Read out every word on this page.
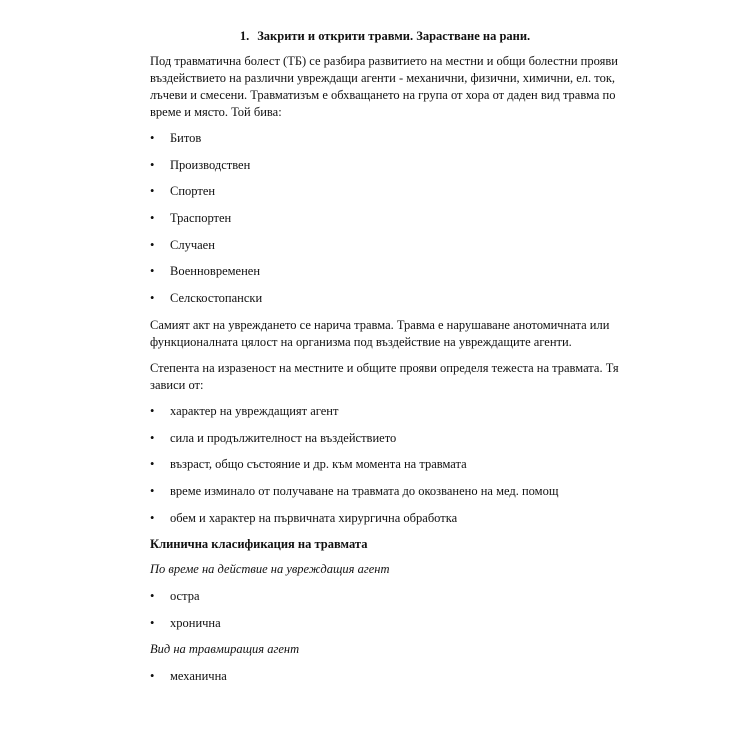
1. Закрити и открити травми. Зарастване на рани.

Под травматична болест (ТБ) се разбира развитието на местни и общи болестни прояви въздействието на различни увреждащи агенти - механични, физични, химични, ел. ток, лъчеви и смесени. Травматизъм е обхващането на група от хора от даден вид травма по време и място. Той бива:

• Битов
• Производствен
• Спортен
• Траспортен
• Случаен
• Военновременен
• Селскостопански

Самият акт на увреждането се нарича травма. Травма е нарушаване анотомичната или функционалната цялост на организма под въздействие на увреждащите агенти.

Степента на изразеност на местните и общите прояви определя тежеста на травмата. Тя зависи от:

• характер на увреждащият агент
• сила и продължителност на въздействието
• възраст, общо състояние и др. към момента на травмата
• време изминало от получаване на травмата до окозванено на мед. помощ
• обем и характер на първичната хирургична обработка

Клинична класификация на травмата

По време на действие на увреждащия агент

• остра
• хронична

Вид на травмиращия агент

• механична
